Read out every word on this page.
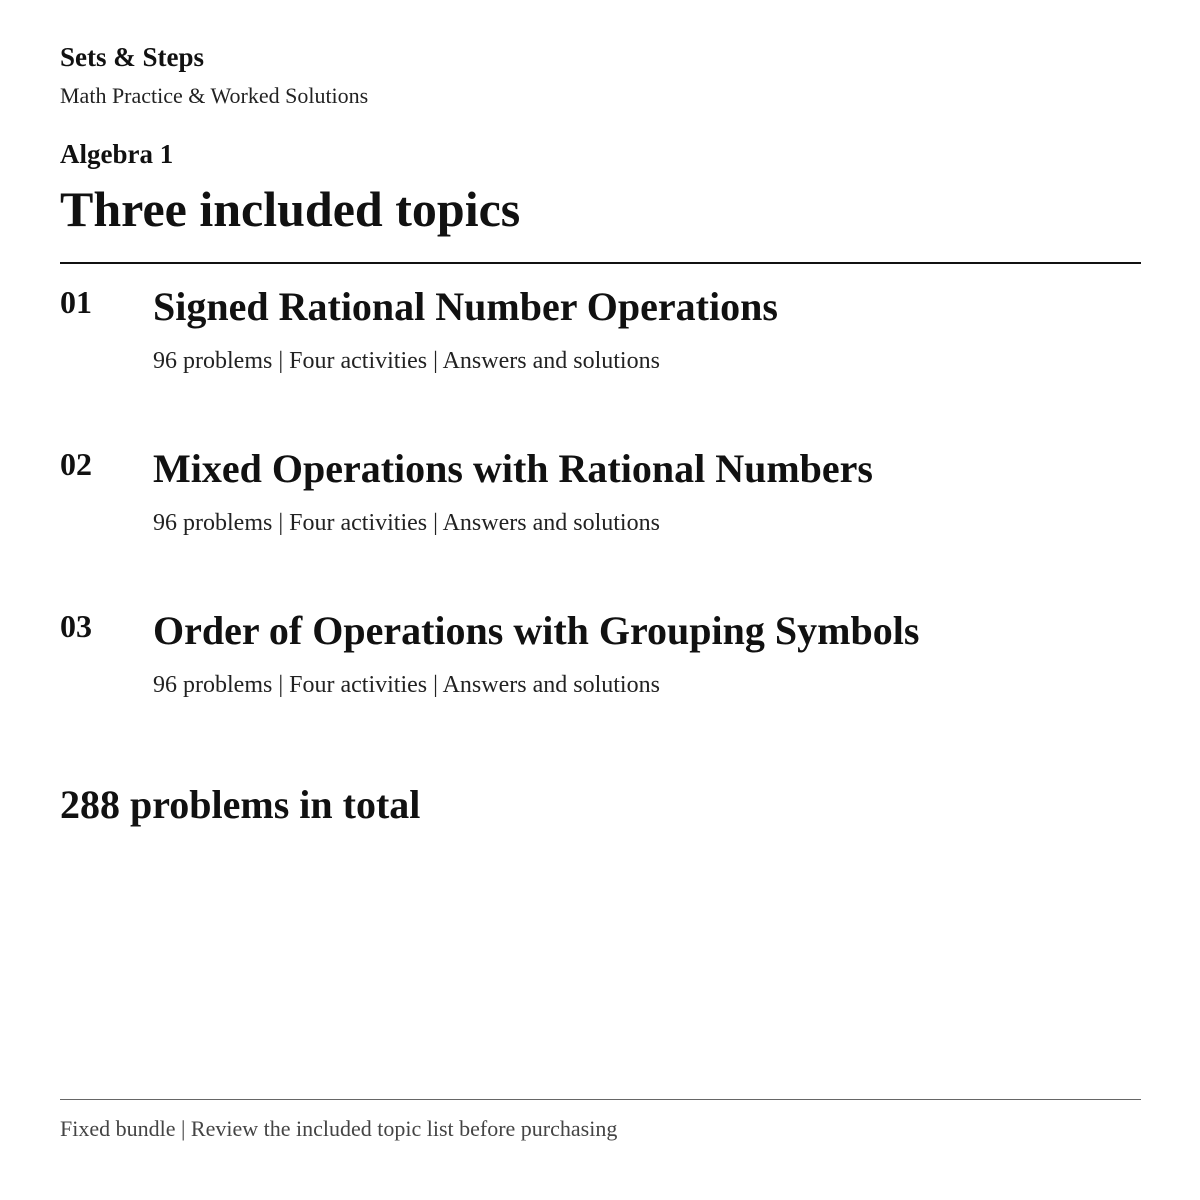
Sets & Steps
Math Practice & Worked Solutions
Algebra 1
Three included topics
01 Signed Rational Number Operations
96 problems | Four activities | Answers and solutions
02 Mixed Operations with Rational Numbers
96 problems | Four activities | Answers and solutions
03 Order of Operations with Grouping Symbols
96 problems | Four activities | Answers and solutions
288 problems in total
Fixed bundle | Review the included topic list before purchasing
